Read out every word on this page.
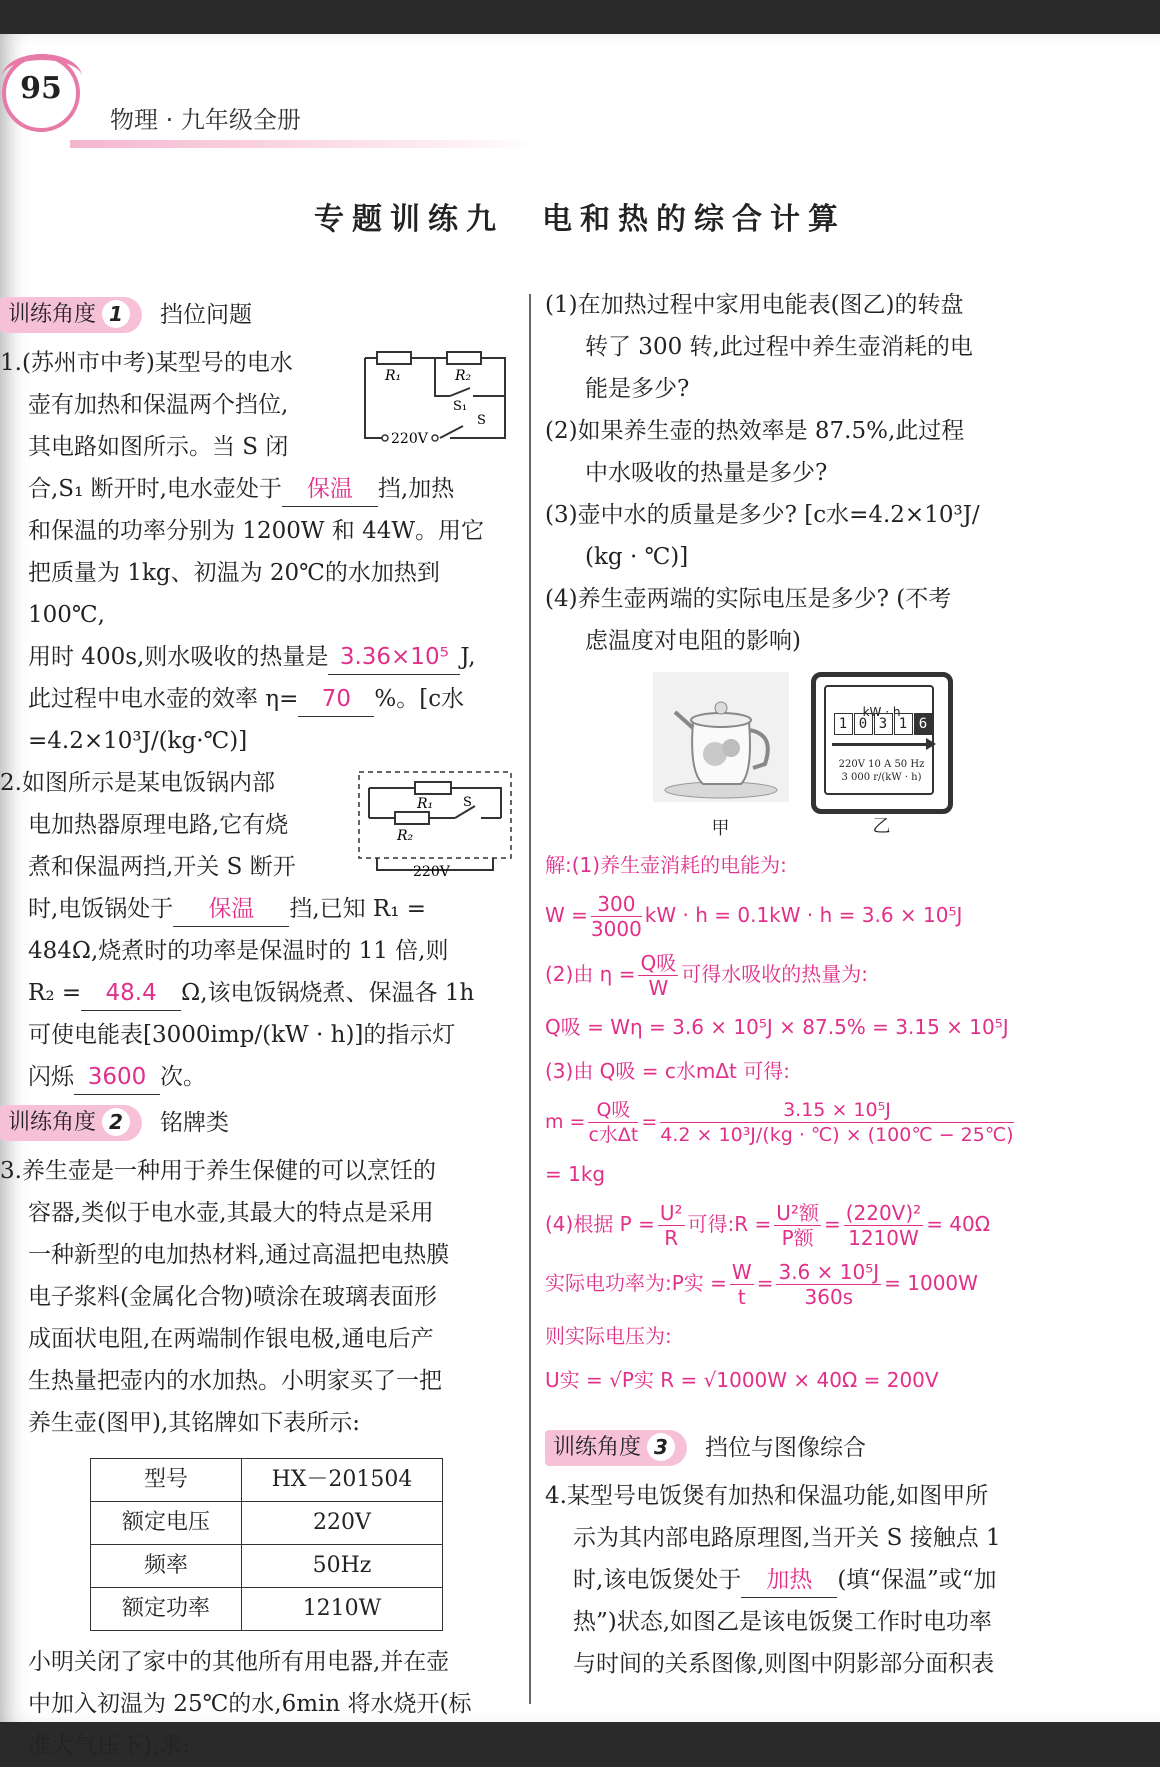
95
物理 · 九年级全册
专题训练九　电和热的综合计算
训练角度 1	挡位问题
R₁	R₂
S₁
S
220V

1.(苏州市中考)某型号的电水

壶有加热和保温两个挡位,

其电路如图所示。当 S 闭

合,S₁ 断开时,电水壶处于 保温 挡,加热

和保温的功率分别为 1200W 和 44W。用它

把质量为 1kg、初温为 20℃的水加热到 100℃,

用时 400s,则水吸收的热量是 3.36×10⁵ J,

此过程中电水壶的效率 η= 70 %。[c水

=4.2×10³J/(kg·℃)]

R₁
R₂
S
220V

2.如图所示是某电饭锅内部

电加热器原理电路,它有烧

煮和保温两挡,开关 S 断开

时,电饭锅处于 保温 挡,已知 R₁ =

484Ω,烧煮时的功率是保温时的 11 倍,则

R₂ = 48.4 Ω,该电饭锅烧煮、保温各 1h

可使电能表[3000imp/(kW · h)]的指示灯

闪烁 3600 次。

训练角度 2	铭牌类

3.养生壶是一种用于养生保健的可以烹饪的

容器,类似于电水壶,其最大的特点是采用

一种新型的电加热材料,通过高温把电热膜

电子浆料(金属化合物)喷涂在玻璃表面形

成面状电阻,在两端制作银电极,通电后产

生热量把壶内的水加热。小明家买了一把

养生壶(图甲),其铭牌如下表所示:

型号	HX－201504
额定电压	220V
频率	50Hz
额定功率	1210W

小明关闭了家中的其他所有用电器,并在壶

中加入初温为 25℃的水,6min 将水烧开(标

准大气压下),求:

(1)在加热过程中家用电能表(图乙)的转盘

转了 300 转,此过程中养生壶消耗的电

能是多少?

(2)如果养生壶的热效率是 87.5%,此过程

中水吸收的热量是多少?

(3)壶中水的质量是多少? [c水=4.2×10³J/

(kg · ℃)]

(4)养生壶两端的实际电压是多少? (不考

虑温度对电阻的影响)

甲
kW · h
1 0 3 1 6
220V 10 A 50 Hz
3 000 r/(kW · h)
乙
解:(1)养生壶消耗的电能为:
$W = \frac{300}{3000}$ kW · h = 0.1kW · h = 3.6 × 10⁵J
(2)由 $\eta = \frac{\text{Q吸}}{W}$ 可得水吸收的热量为:
Q吸 = Wη = 3.6 × 10⁵J × 87.5% = 3.15 × 10⁵J
(3)由 Q吸 = c水mΔt 可得:
$m = \frac{\text{Q吸}}{\text{c水Δt}} = \frac{\text{3.15 × 10⁵J}}{\text{4.2 × 10³J/(kg · ℃) × (100℃ − 25℃)}}$
= 1kg
(4)根据 $P = \frac{\text{U²}}{R}$ 可得:R = $\frac{\text{U²额}}{\text{P额}} = \frac{\text{(220V)²}}{1210W} = 40\Omega$
实际电功率为:P实 = $\frac{W}{t} = \frac{\text{3.6 × 10⁵J}}{360s} = 1000W$
则实际电压为:
U实 = √P实 R = √1000W × 40Ω = 200V
训练角度 3	挡位与图像综合

4.某型号电饭煲有加热和保温功能,如图甲所

示为其内部电路原理图,当开关 S 接触点 1

时,该电饭煲处于 加热 (填“保温”或“加

热”)状态,如图乙是该电饭煲工作时电功率

与时间的关系图像,则图中阴影部分面积表
